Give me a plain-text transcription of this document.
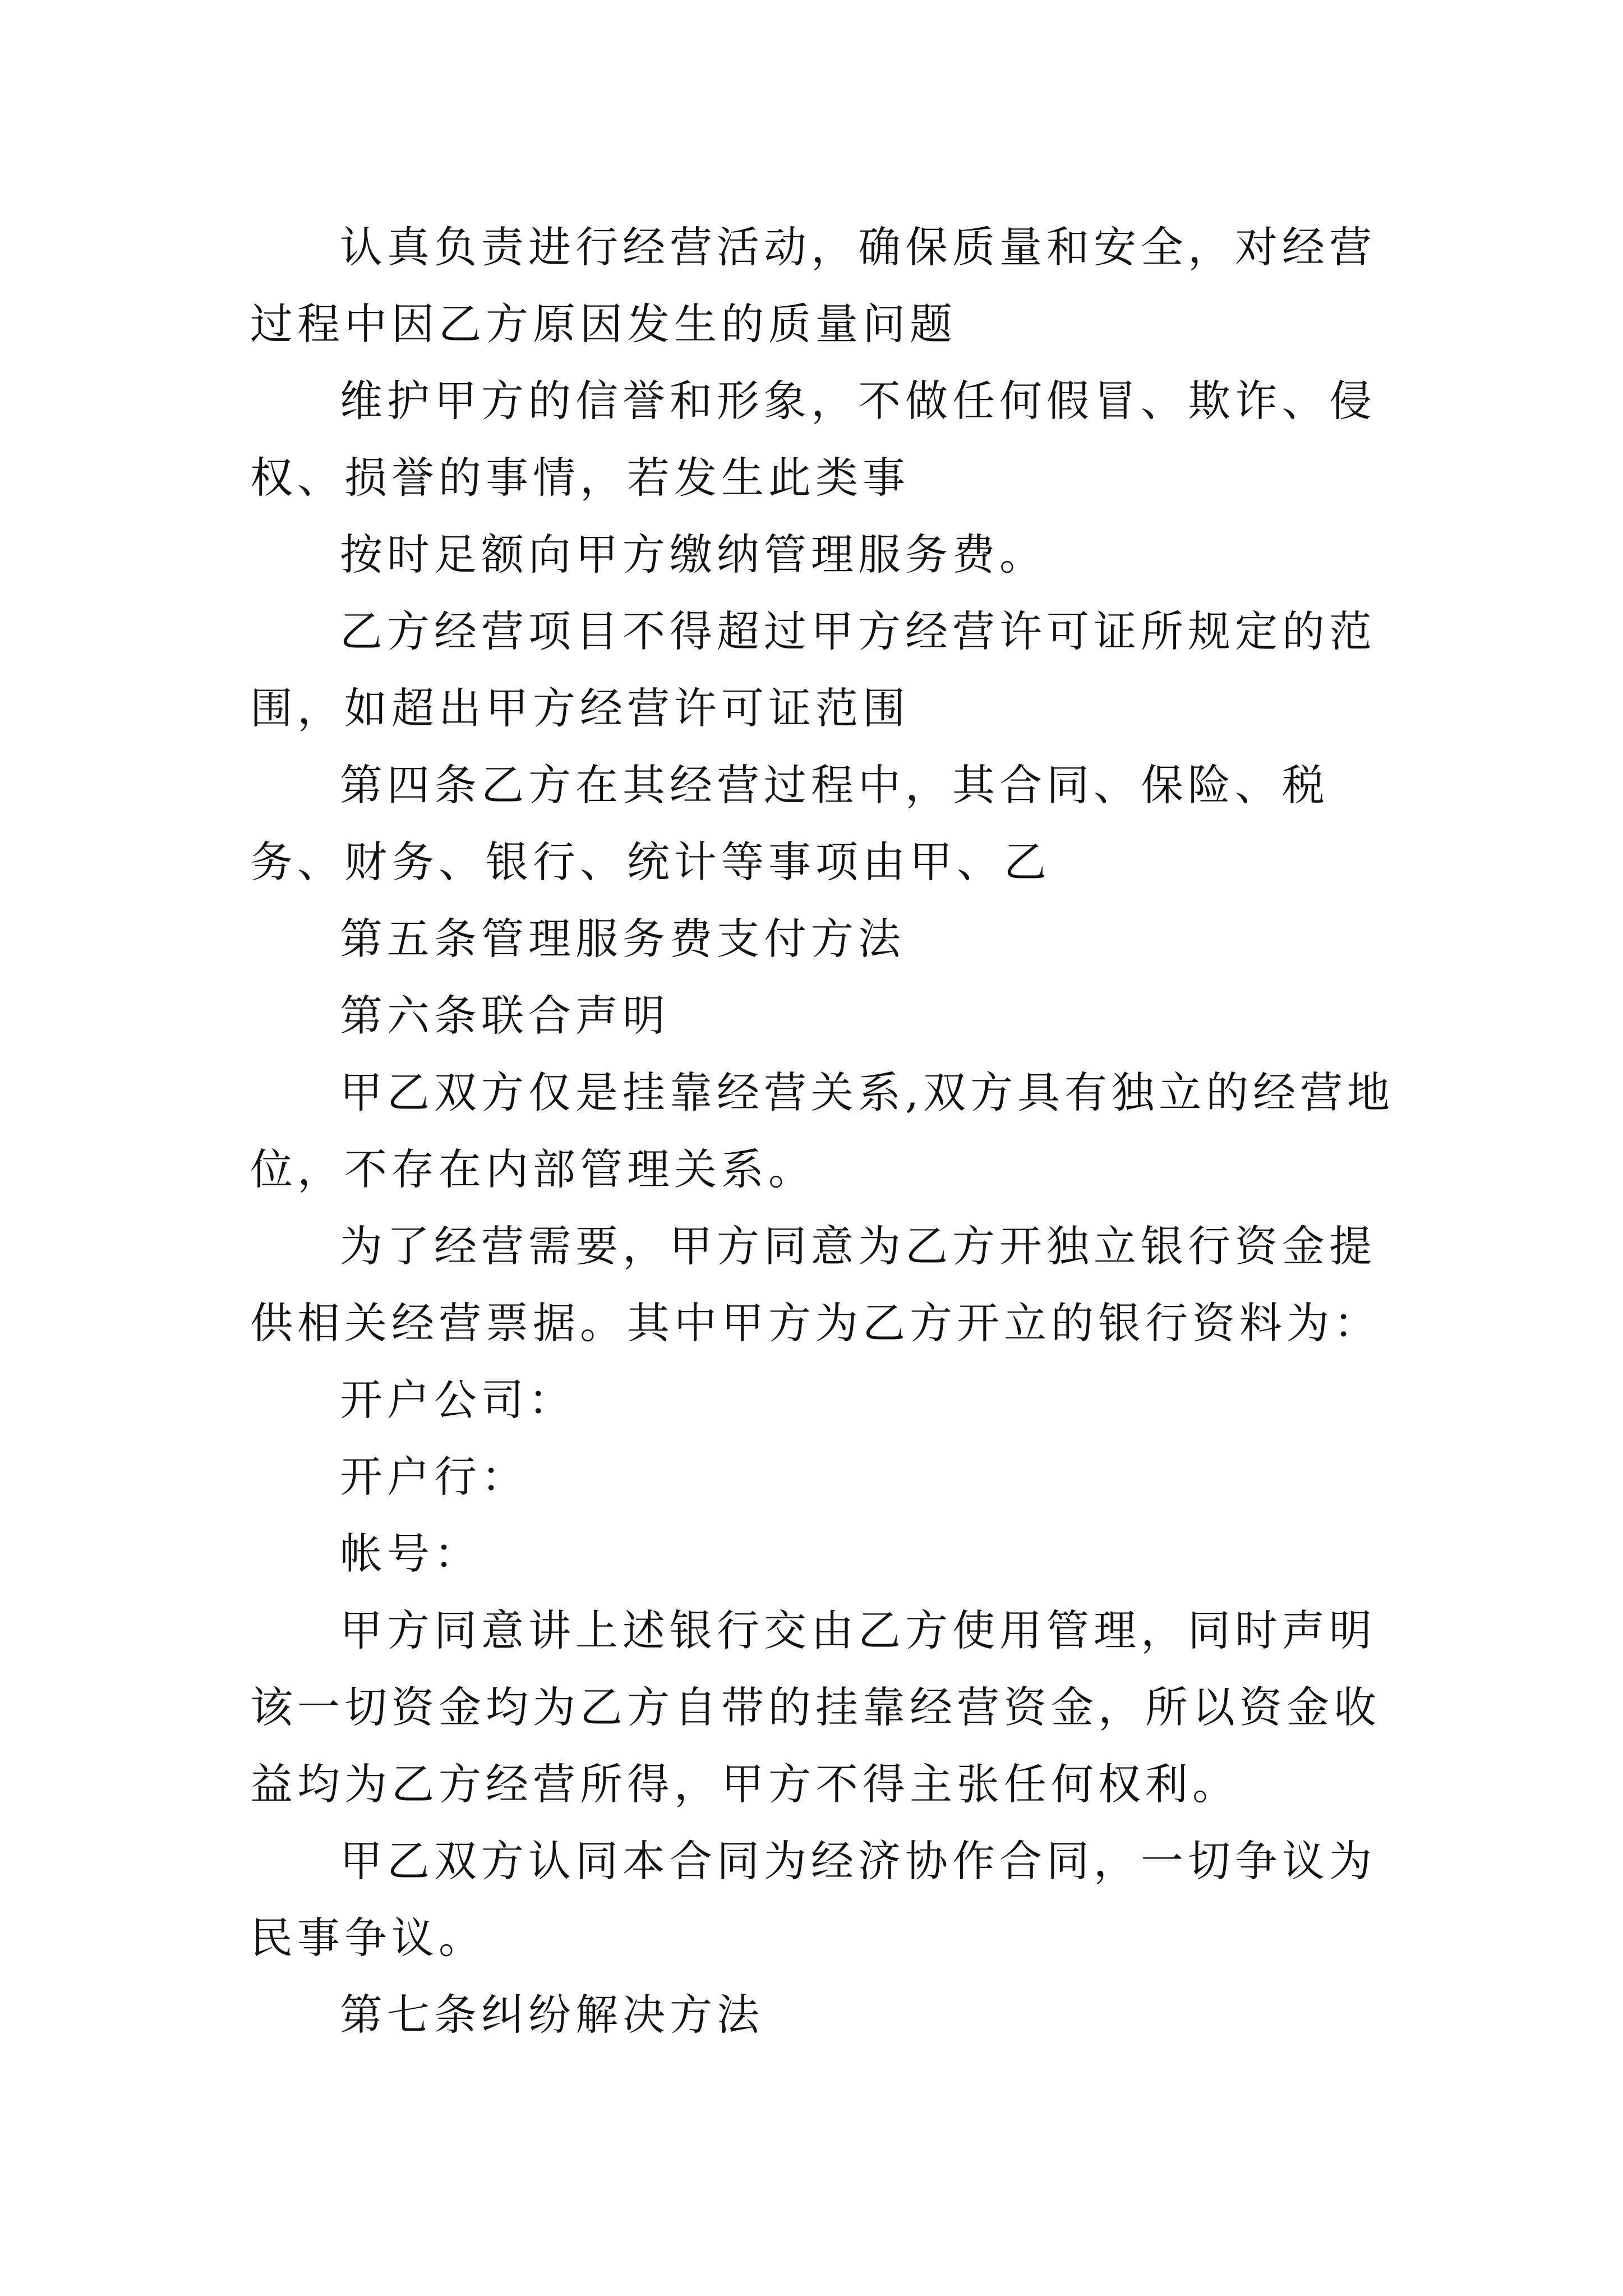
认真负责进行经营活动，确保质量和安全，对经营过程中因乙方原因发生的质量问题

维护甲方的信誉和形象，不做任何假冒、欺诈、侵权、损誉的事情，若发生此类事

按时足额向甲方缴纳管理服务费。

乙方经营项目不得超过甲方经营许可证所规定的范围，如超出甲方经营许可证范围

第四条乙方在其经营过程中，其合同、保险、税务、财务、银行、统计等事项由甲、乙

第五条管理服务费支付方法

第六条联合声明

甲乙双方仅是挂靠经营关系,双方具有独立的经营地位，不存在内部管理关系。

为了经营需要，甲方同意为乙方开独立银行资金提供相关经营票据。其中甲方为乙方开立的银行资料为：

开户公司：

开户行：

帐号：

甲方同意讲上述银行交由乙方使用管理，同时声明该一切资金均为乙方自带的挂靠经营资金，所以资金收益均为乙方经营所得，甲方不得主张任何权利。

甲乙双方认同本合同为经济协作合同，一切争议为民事争议。

第七条纠纷解决方法
